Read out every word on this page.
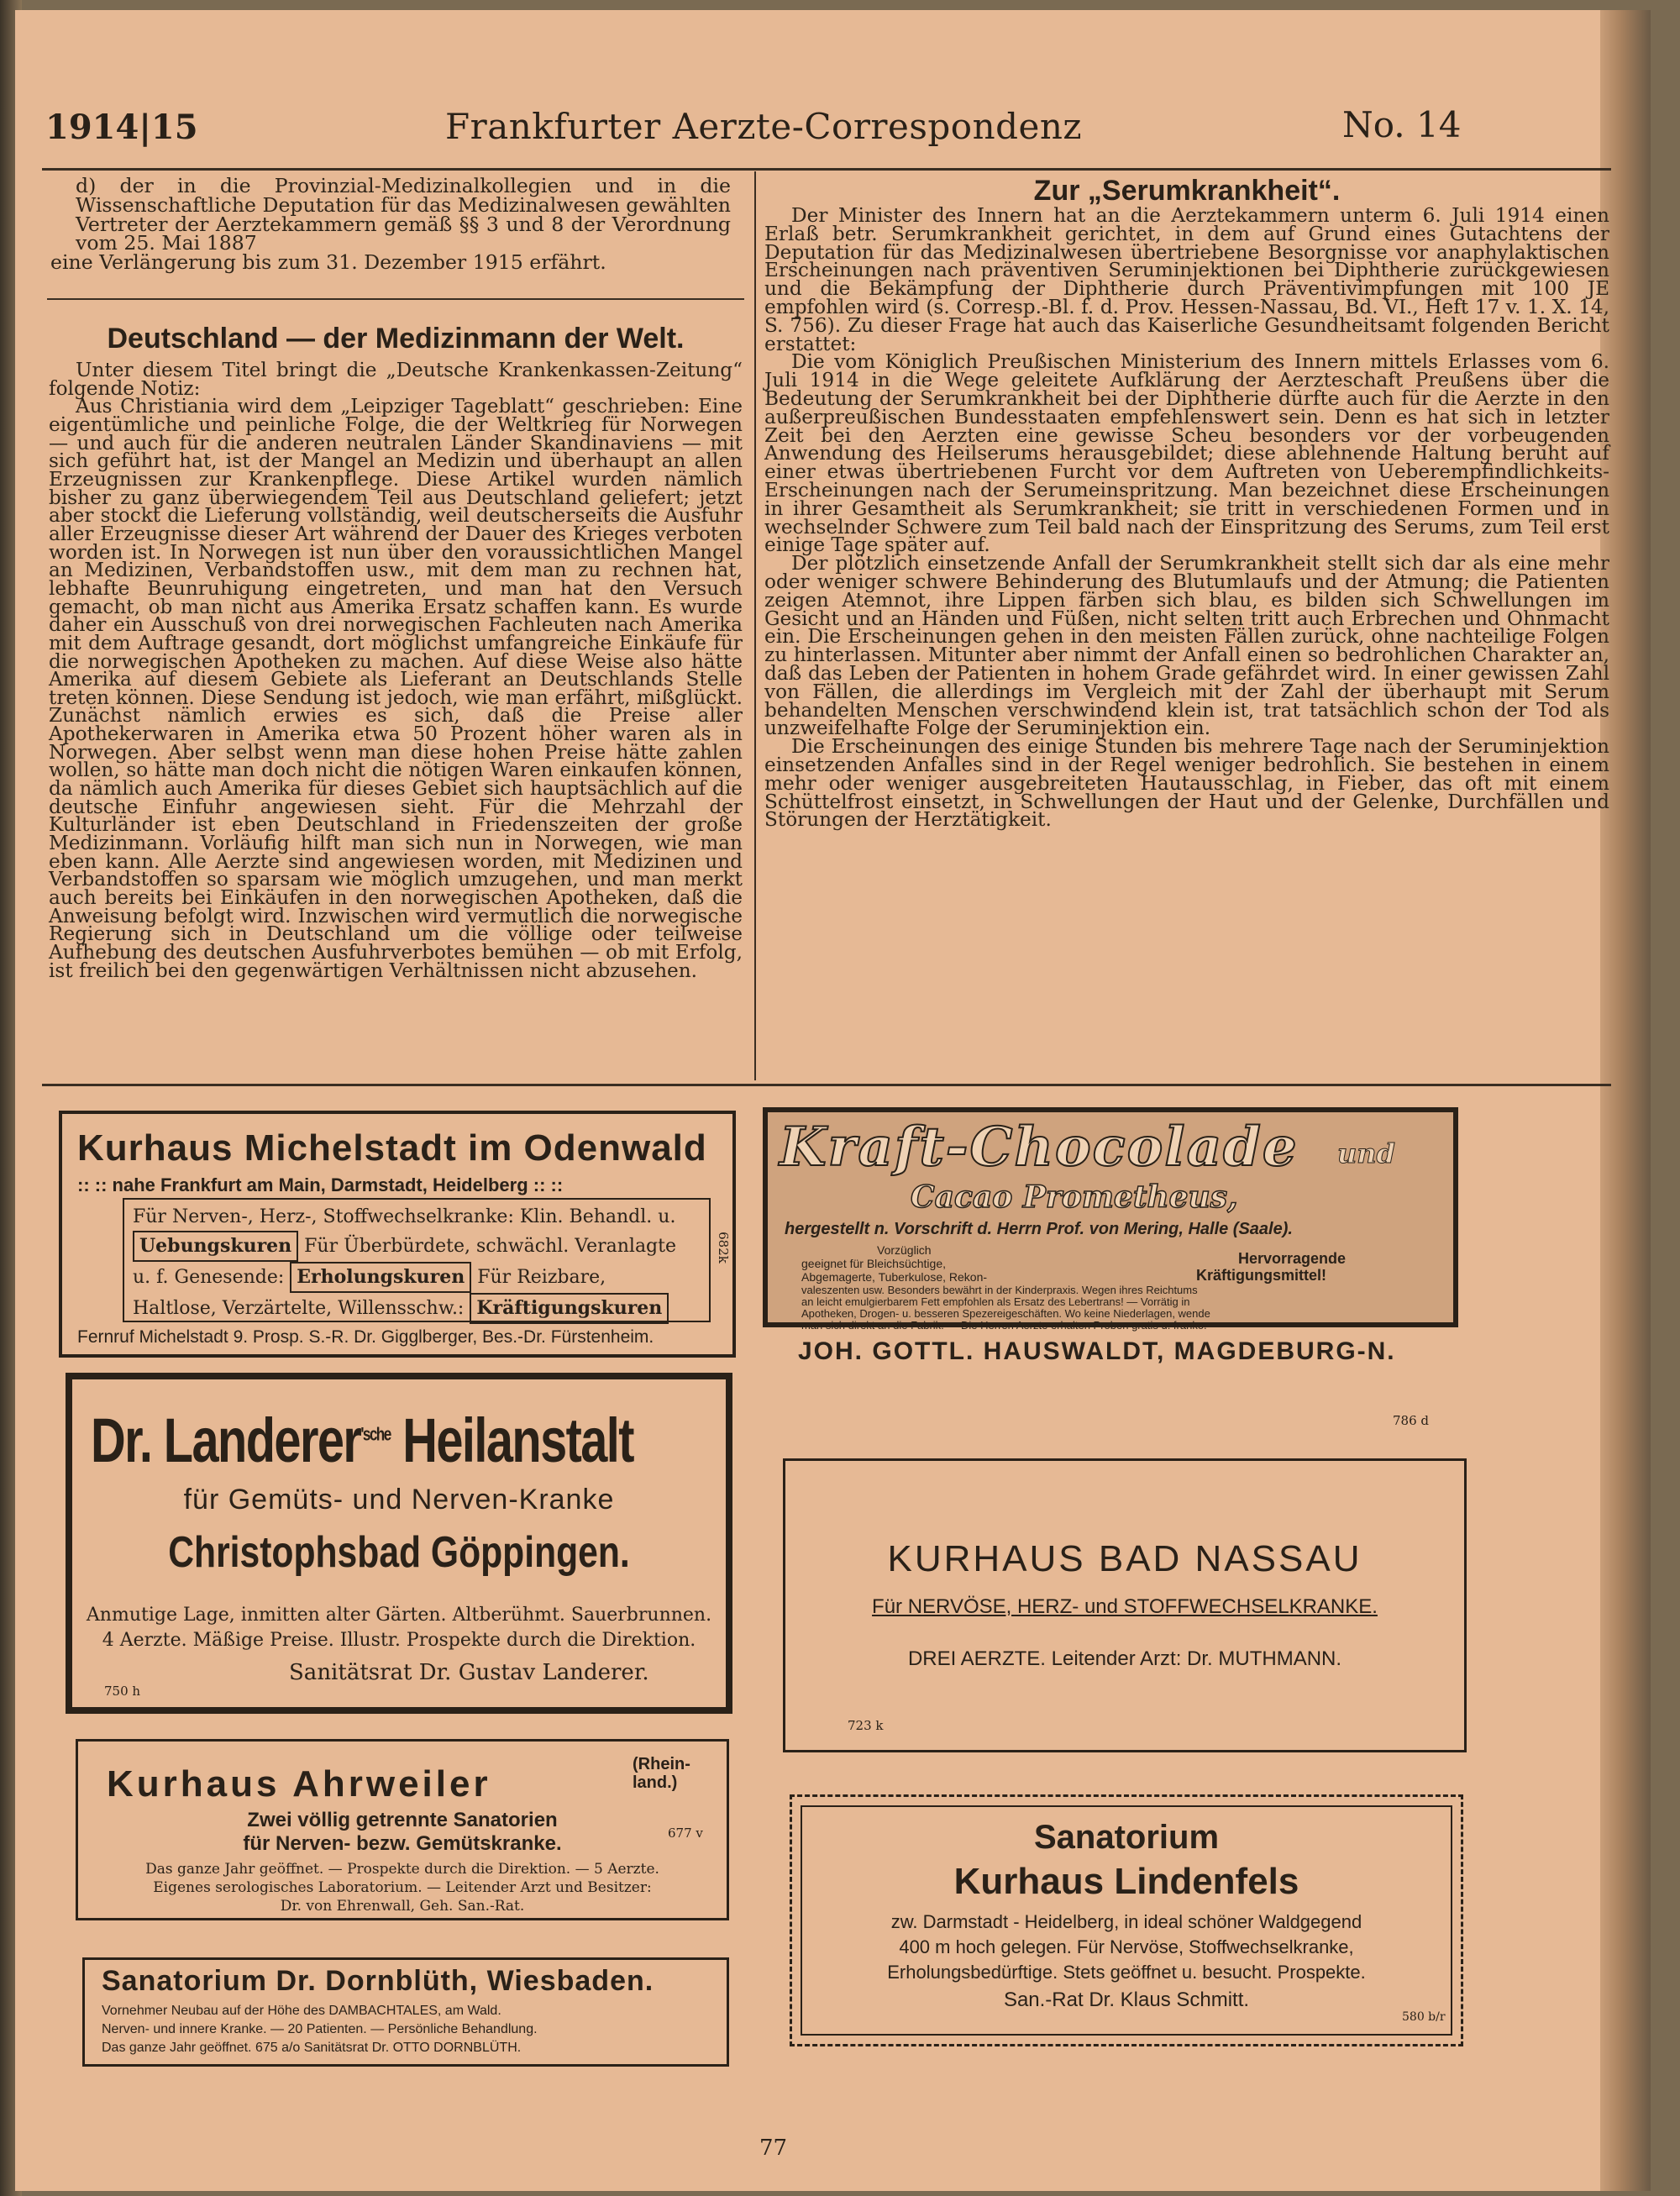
1914|15	Frankfurter Aerzte-Correspondenz	No. 14

d) der in die Provinzial-Medizinalkollegien und in die Wissenschaftliche Deputation für das Medizinalwesen gewählten Vertreter der Aerztekammern gemäß §§ 3 und 8 der Verordnung vom 25. Mai 1887

eine Verlängerung bis zum 31. Dezember 1915 erfährt.

Deutschland — der Medizinmann der Welt.

Unter diesem Titel bringt die „Deutsche Krankenkassen-Zeitung“ folgende Notiz:

Aus Christiania wird dem „Leipziger Tageblatt“ geschrieben: Eine eigentümliche und peinliche Folge, die der Weltkrieg für Norwegen — und auch für die anderen neutralen Länder Skandinaviens — mit sich geführt hat, ist der Mangel an Medizin und überhaupt an allen Erzeugnissen zur Krankenpflege. Diese Artikel wurden nämlich bisher zu ganz überwiegendem Teil aus Deutschland geliefert; jetzt aber stockt die Lieferung vollständig, weil deutscherseits die Ausfuhr aller Erzeugnisse dieser Art während der Dauer des Krieges verboten worden ist. In Norwegen ist nun über den voraussichtlichen Mangel an Medizinen, Verbandstoffen usw., mit dem man zu rechnen hat, lebhafte Beunruhigung eingetreten, und man hat den Versuch gemacht, ob man nicht aus Amerika Ersatz schaffen kann. Es wurde daher ein Ausschuß von drei norwegischen Fachleuten nach Amerika mit dem Auftrage gesandt, dort möglichst umfangreiche Einkäufe für die norwegischen Apotheken zu machen. Auf diese Weise also hätte Amerika auf diesem Gebiete als Lieferant an Deutschlands Stelle treten können. Diese Sendung ist jedoch, wie man erfährt, mißglückt. Zunächst nämlich erwies es sich, daß die Preise aller Apothekerwaren in Amerika etwa 50 Prozent höher waren als in Norwegen. Aber selbst wenn man diese hohen Preise hätte zahlen wollen, so hätte man doch nicht die nötigen Waren einkaufen können, da nämlich auch Amerika für dieses Gebiet sich hauptsächlich auf die deutsche Einfuhr angewiesen sieht. Für die Mehrzahl der Kulturländer ist eben Deutschland in Friedenszeiten der große Medizinmann. Vorläufig hilft man sich nun in Norwegen, wie man eben kann. Alle Aerzte sind angewiesen worden, mit Medizinen und Verbandstoffen so sparsam wie möglich umzugehen, und man merkt auch bereits bei Einkäufen in den norwegischen Apotheken, daß die Anweisung befolgt wird. Inzwischen wird vermutlich die norwegische Regierung sich in Deutschland um die völlige oder teilweise Aufhebung des deutschen Ausfuhrverbotes bemühen — ob mit Erfolg, ist freilich bei den gegenwärtigen Verhältnissen nicht abzusehen.

Zur „Serumkrankheit“.

Der Minister des Innern hat an die Aerztekammern unterm 6. Juli 1914 einen Erlaß betr. Serumkrankheit gerichtet, in dem auf Grund eines Gutachtens der Deputation für das Medizinalwesen übertriebene Besorgnisse vor anaphylaktischen Erscheinungen nach präventiven Seruminjektionen bei Diphtherie zurückgewiesen und die Bekämpfung der Diphtherie durch Präventivimpfungen mit 100 JE empfohlen wird (s. Corresp.-Bl. f. d. Prov. Hessen-Nassau, Bd. VI., Heft 17 v. 1. X. 14, S. 756). Zu dieser Frage hat auch das Kaiserliche Gesundheitsamt folgenden Bericht erstattet:

Die vom Königlich Preußischen Ministerium des Innern mittels Erlasses vom 6. Juli 1914 in die Wege geleitete Aufklärung der Aerzteschaft Preußens über die Bedeutung der Serumkrankheit bei der Diphtherie dürfte auch für die Aerzte in den außerpreußischen Bundesstaaten empfehlenswert sein. Denn es hat sich in letzter Zeit bei den Aerzten eine gewisse Scheu besonders vor der vorbeugenden Anwendung des Heilserums herausgebildet; diese ablehnende Haltung beruht auf einer etwas übertriebenen Furcht vor dem Auftreten von Ueberempfindlichkeits-Erscheinungen nach der Serumeinspritzung. Man bezeichnet diese Erscheinungen in ihrer Gesamtheit als Serumkrankheit; sie tritt in verschiedenen Formen und in wechselnder Schwere zum Teil bald nach der Einspritzung des Serums, zum Teil erst einige Tage später auf.

Der plötzlich einsetzende Anfall der Serumkrankheit stellt sich dar als eine mehr oder weniger schwere Behinderung des Blutumlaufs und der Atmung; die Patienten zeigen Atemnot, ihre Lippen färben sich blau, es bilden sich Schwellungen im Gesicht und an Händen und Füßen, nicht selten tritt auch Erbrechen und Ohnmacht ein. Die Erscheinungen gehen in den meisten Fällen zurück, ohne nachteilige Folgen zu hinterlassen. Mitunter aber nimmt der Anfall einen so bedrohlichen Charakter an, daß das Leben der Patienten in hohem Grade gefährdet wird. In einer gewissen Zahl von Fällen, die allerdings im Vergleich mit der Zahl der überhaupt mit Serum behandelten Menschen verschwindend klein ist, trat tatsächlich schon der Tod als unzweifelhafte Folge der Seruminjektion ein.

Die Erscheinungen des einige Stunden bis mehrere Tage nach der Seruminjektion einsetzenden Anfalles sind in der Regel weniger bedrohlich. Sie bestehen in einem mehr oder weniger ausgebreiteten Hautausschlag, in Fieber, das oft mit einem Schüttelfrost einsetzt, in Schwellungen der Haut und der Gelenke, Durchfällen und Störungen der Herztätigkeit.

Kurhaus Michelstadt im Odenwald
:: :: nahe Frankfurt am Main, Darmstadt, Heidelberg :: ::
Für Nerven-, Herz-, Stoffwechselkranke: Klin. Behandl. u.
Uebungskuren Für Überbürdete, schwächl. Veranlagte
u. f. Genesende: Erholungskuren Für Reizbare,
Haltlose, Verzärtelte, Willensschw.: Kräftigungskuren
682k
Fernruf Michelstadt 9. Prosp. S.-R. Dr. Gigglberger, Bes.-Dr. Fürstenheim.
Dr. Landerer$^{'sche}$ Heilanstalt
für Gemüts- und Nerven-Kranke
Christophsbad Göppingen.
Anmutige Lage, inmitten alter Gärten. Altberühmt. Sauerbrunnen.
4 Aerzte. Mäßige Preise. Illustr. Prospekte durch die Direktion.
Sanitätsrat Dr. Gustav Landerer.
750 h
Kurhaus Ahrweiler	(Rhein-land.)
Zwei völlig getrennte Sanatorien
für Nerven- bezw. Gemütskranke.	677 v
Das ganze Jahr geöffnet. — Prospekte durch die Direktion. — 5 Aerzte.
Eigenes serologisches Laboratorium. — Leitender Arzt und Besitzer:
Dr. von Ehrenwall, Geh. San.-Rat.
Sanatorium Dr. Dornblüth, Wiesbaden.
Vornehmer Neubau auf der Höhe des DAMBACHTALES, am Wald.
Nerven- und innere Kranke. — 20 Patienten. — Persönliche Behandlung.
Das ganze Jahr geöffnet. 675 a/o Sanitätsrat Dr. OTTO DORNBLÜTH.
Kraft-Chocolade und
Cacao Prometheus,
hergestellt n. Vorschrift d. Herrn Prof. von Mering, Halle (Saale).
Vorzüglich
geeignet für Bleichsüchtige,	Hervorragende
Abgemagerte, Tuberkulose, Rekon-	Kräftigungsmittel!
valeszenten usw. Besonders bewährt in der Kinderpraxis. Wegen ihres Reichtums
an leicht emulgierbarem Fett empfohlen als Ersatz des Lebertrans! — Vorrätig in
Apotheken, Drogen- u. besseren Spezereigeschäften. Wo keine Niederlagen, wende
man sich direkt an die Fabrik. — Die Herren Aerzte erhalten Proben gratis u. franko.
JOH. GOTTL. HAUSWALDT, MAGDEBURG-N.
786 d
KURHAUS BAD NASSAU
Für NERVÖSE, HERZ- und STOFFWECHSELKRANKE.
DREI AERZTE. Leitender Arzt: Dr. MUTHMANN.
723 k
Sanatorium
Kurhaus Lindenfels
zw. Darmstadt - Heidelberg, in ideal schöner Waldgegend
400 m hoch gelegen. Für Nervöse, Stoffwechselkranke,
Erholungsbedürftige. Stets geöffnet u. besucht. Prospekte.
San.-Rat Dr. Klaus Schmitt.
580 b/r
77
